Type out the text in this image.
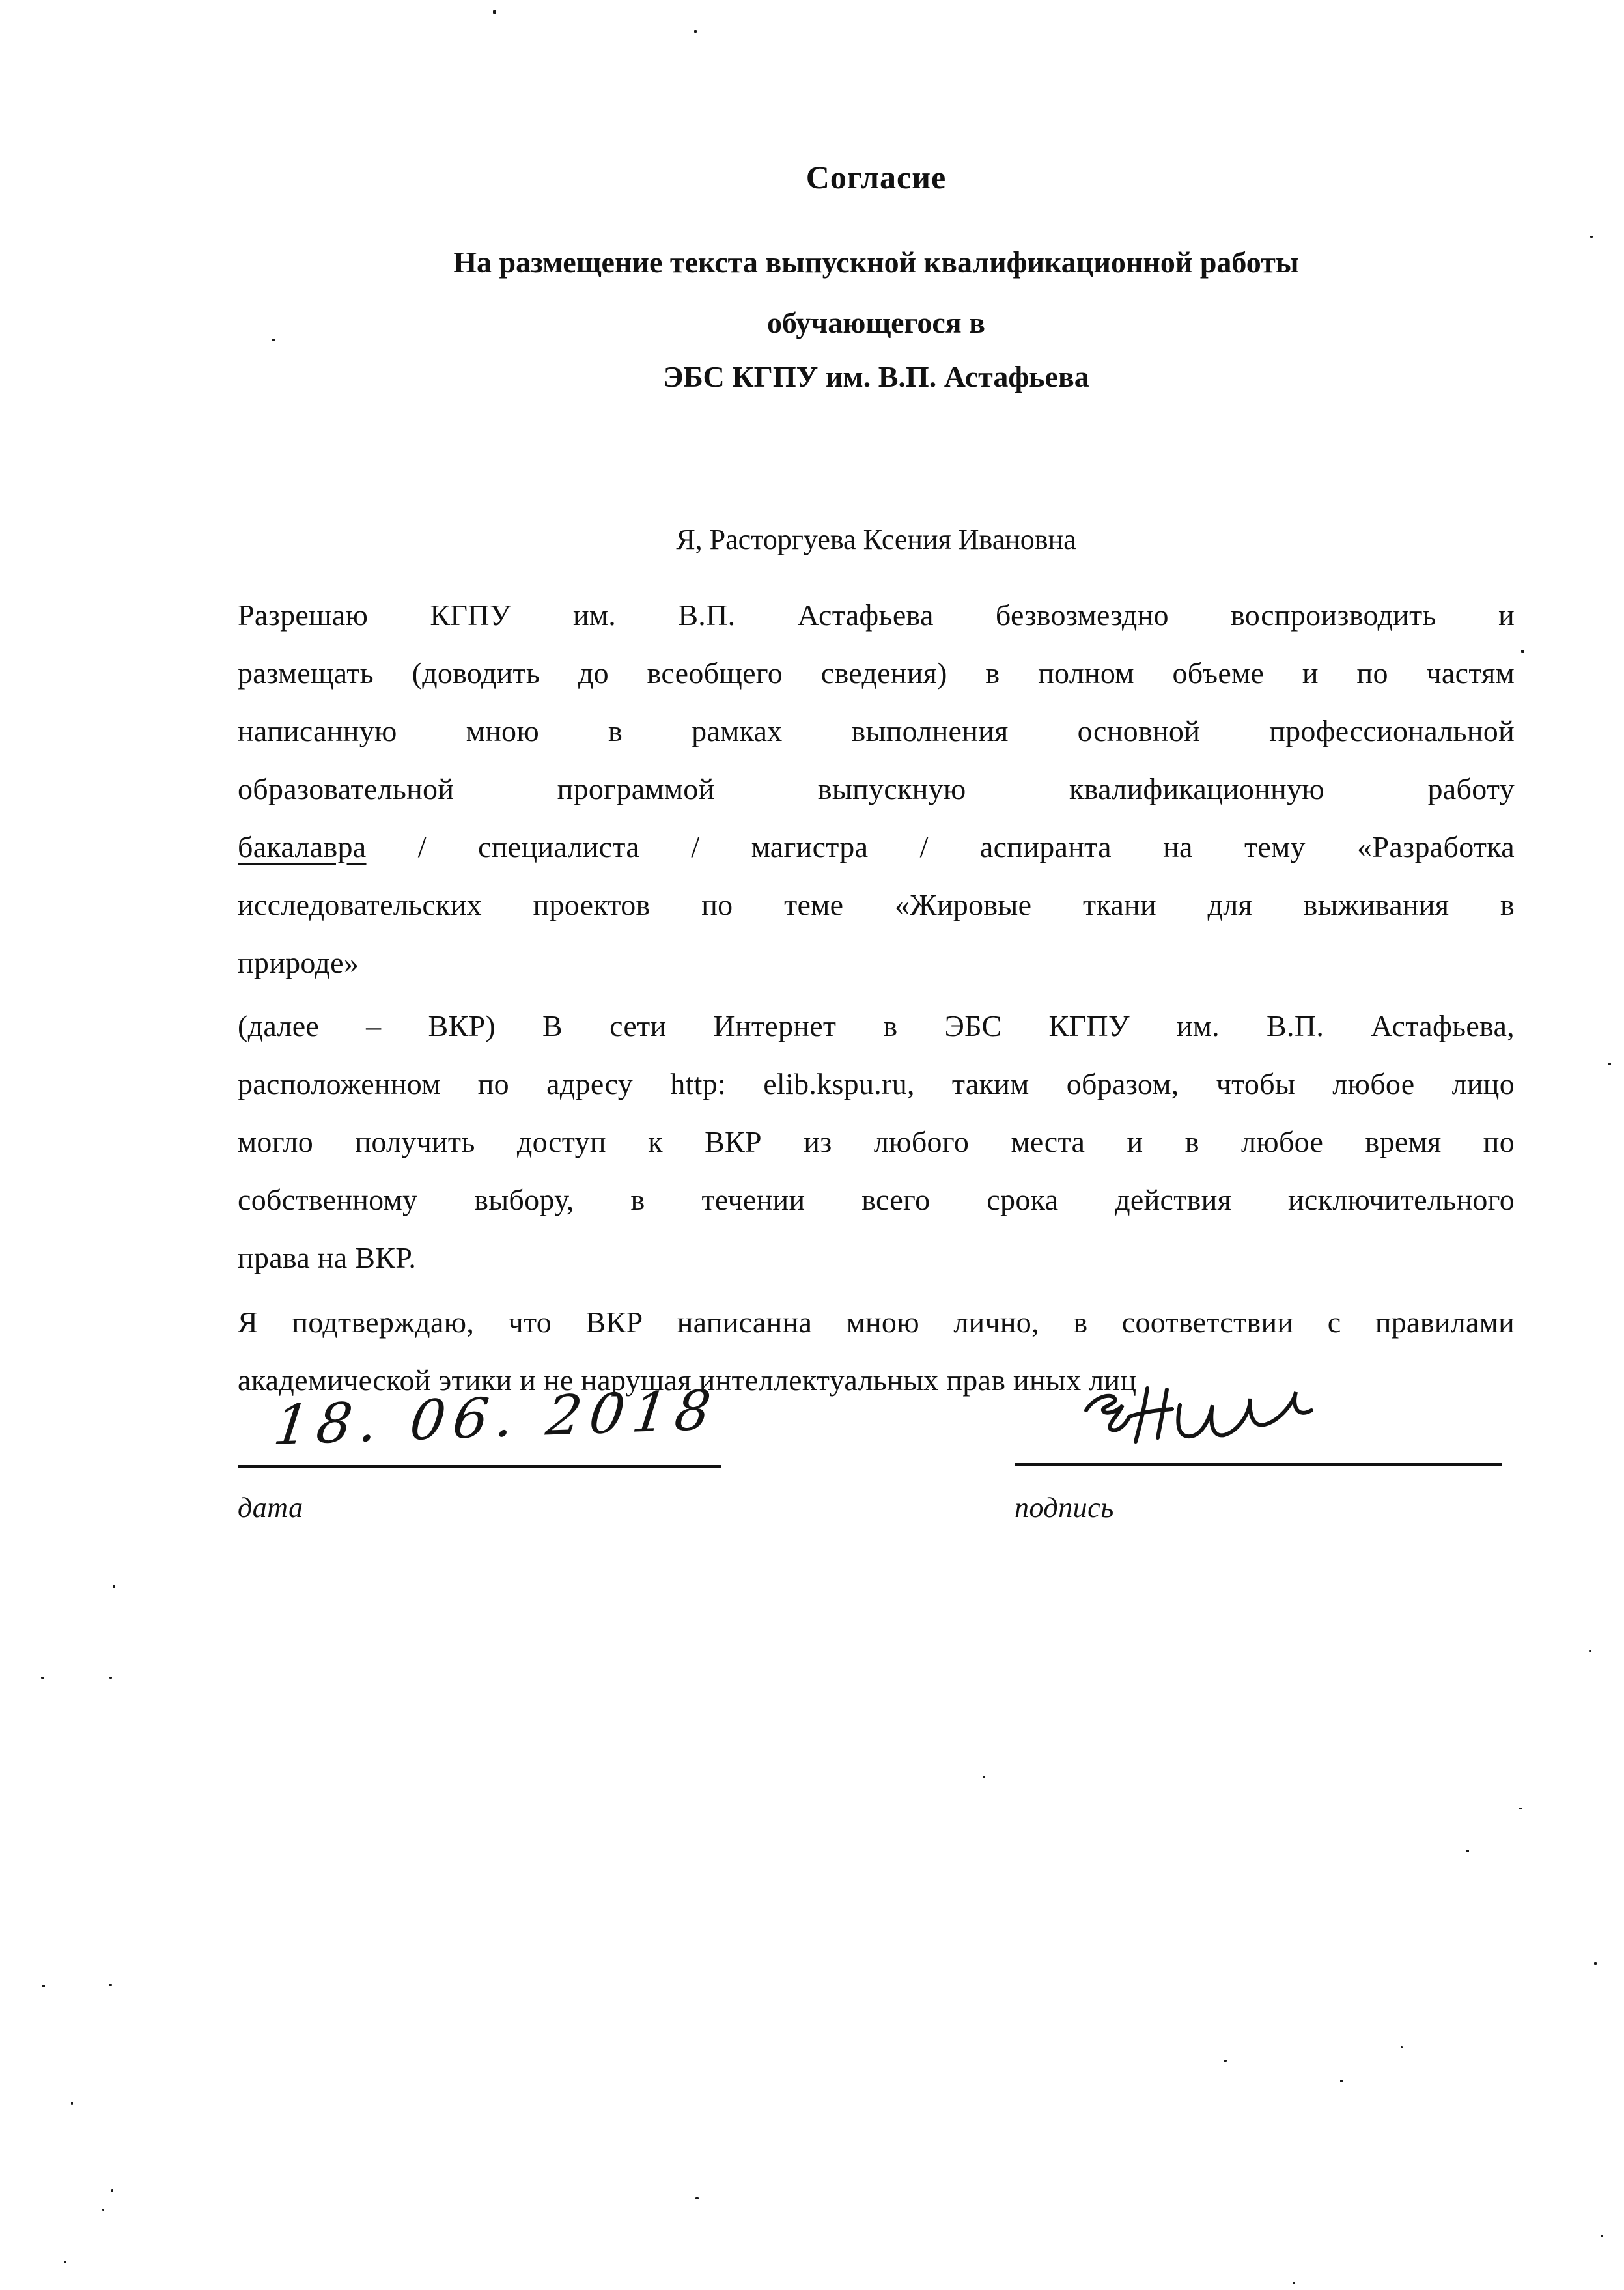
Согласие
На размещение текста выпускной квалификационной работы
обучающегося в
ЭБС КГПУ им. В.П. Астафьева
Я, Расторгуева Ксения Ивановна
Разрешаю КГПУ им. В.П. Астафьева безвозмездно воспроизводить и
размещать (доводить до всеобщего сведения) в полном объеме и по частям
написанную мною в рамках выполнения основной профессиональной
образовательной программой выпускную квалификационную работу
бакалавра / специалиста / магистра / аспиранта на тему «Разработка
исследовательских проектов по теме «Жировые ткани для выживания в
природе»
(далее – ВКР) В сети Интернет в ЭБС КГПУ им. В.П. Астафьева,
расположенном по адресу http: elib.kspu.ru, таким образом, чтобы любое лицо
могло получить доступ к ВКР из любого места и в любое время по
собственному выбору, в течении всего срока действия исключительного
права на ВКР.
Я подтверждаю, что ВКР написанна мною лично, в соответствии с правилами
академической этики и не нарушая интеллектуальных прав иных лиц
18. 06. 2018
дата	подпись
